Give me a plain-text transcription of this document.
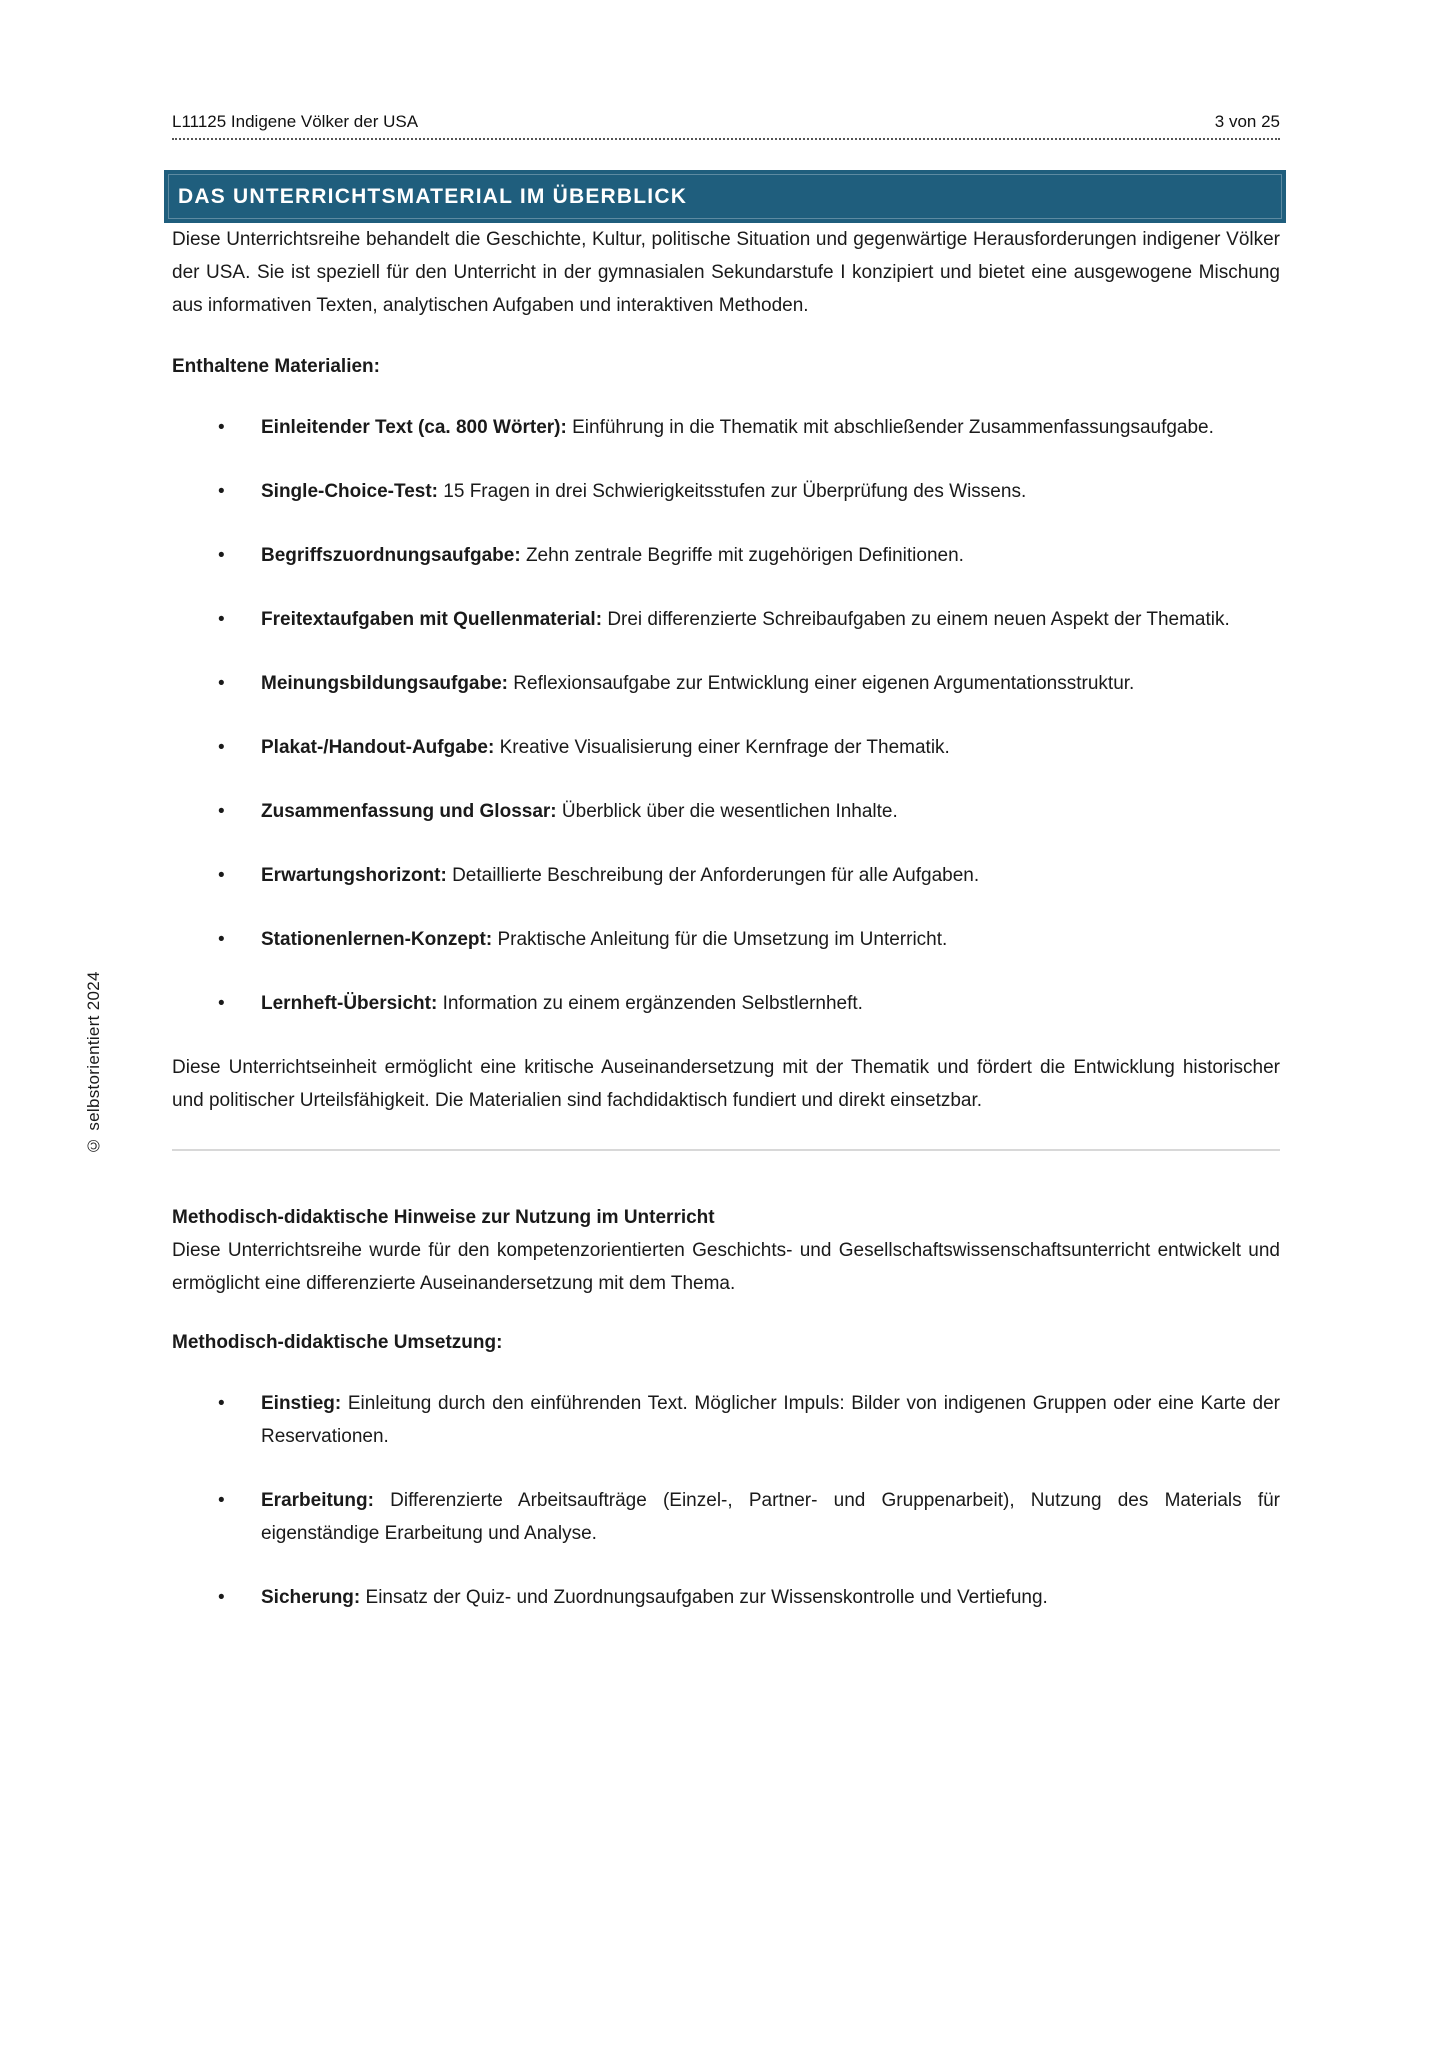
© selbstorientiert 2024
L11125 Indigene Völker der USA	3 von 25
DAS UNTERRICHTSMATERIAL IM ÜBERBLICK

Diese Unterrichtsreihe behandelt die Geschichte, Kultur, politische Situation und gegenwärtige Herausforderungen indigener Völker der USA. Sie ist speziell für den Unterricht in der gymnasialen Sekundarstufe I konzipiert und bietet eine ausgewogene Mischung aus informativen Texten, analytischen Aufgaben und interaktiven Methoden.

Enthaltene Materialien:

• Einleitender Text (ca. 800 Wörter): Einführung in die Thematik mit abschließender Zusammenfassungsaufgabe.
• Single-Choice-Test: 15 Fragen in drei Schwierigkeitsstufen zur Überprüfung des Wissens.
• Begriffszuordnungsaufgabe: Zehn zentrale Begriffe mit zugehörigen Definitionen.
• Freitextaufgaben mit Quellenmaterial: Drei differenzierte Schreibaufgaben zu einem neuen Aspekt der Thematik.
• Meinungsbildungsaufgabe: Reflexionsaufgabe zur Entwicklung einer eigenen Argumentationsstruktur.
• Plakat-/Handout-Aufgabe: Kreative Visualisierung einer Kernfrage der Thematik.
• Zusammenfassung und Glossar: Überblick über die wesentlichen Inhalte.
• Erwartungshorizont: Detaillierte Beschreibung der Anforderungen für alle Aufgaben.
• Stationenlernen-Konzept: Praktische Anleitung für die Umsetzung im Unterricht.
• Lernheft-Übersicht: Information zu einem ergänzenden Selbstlernheft.

Diese Unterrichtseinheit ermöglicht eine kritische Auseinandersetzung mit der Thematik und fördert die Entwicklung historischer und politischer Urteilsfähigkeit. Die Materialien sind fachdidaktisch fundiert und direkt einsetzbar.

Methodisch-didaktische Hinweise zur Nutzung im Unterricht

Diese Unterrichtsreihe wurde für den kompetenzorientierten Geschichts- und Gesellschaftswissenschaftsunterricht entwickelt und ermöglicht eine differenzierte Auseinandersetzung mit dem Thema.

Methodisch-didaktische Umsetzung:

• Einstieg: Einleitung durch den einführenden Text. Möglicher Impuls: Bilder von indigenen Gruppen oder eine Karte der Reservationen.
• Erarbeitung: Differenzierte Arbeitsaufträge (Einzel-, Partner- und Gruppenarbeit), Nutzung des Materials für eigenständige Erarbeitung und Analyse.
• Sicherung: Einsatz der Quiz- und Zuordnungsaufgaben zur Wissenskontrolle und Vertiefung.
